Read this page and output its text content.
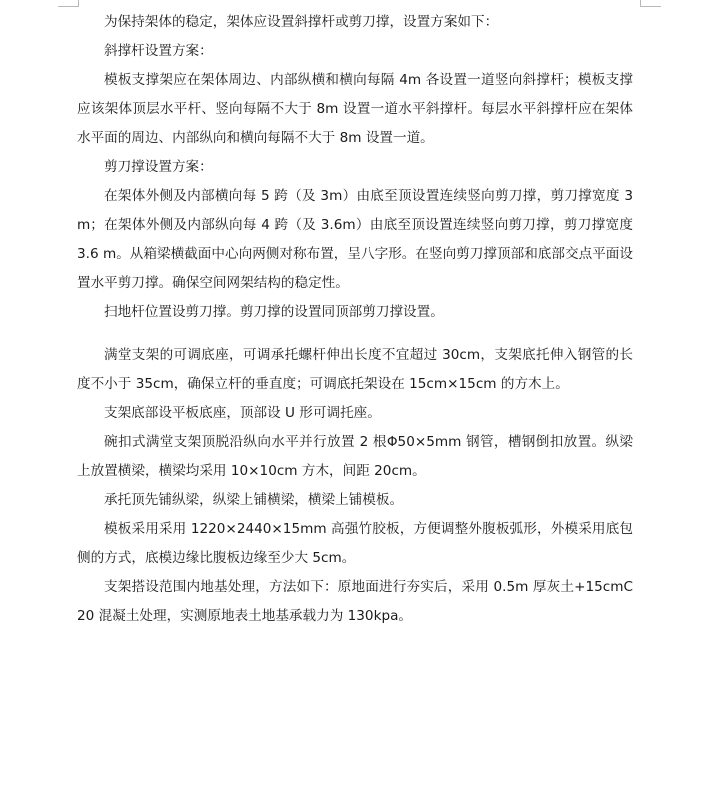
为保持架体的稳定，架体应设置斜撑杆或剪刀撑，设置方案如下：

斜撑杆设置方案：

模板支撑架应在架体周边、内部纵横和横向每隔 4m 各设置一道竖向斜撑杆；模板支撑应该架体顶层水平杆、竖向每隔不大于 8m 设置一道水平斜撑杆。每层水平斜撑杆应在架体水平面的周边、内部纵向和横向每隔不大于 8m 设置一道。

剪刀撑设置方案：

在架体外侧及内部横向每 5 跨（及 3m）由底至顶设置连续竖向剪刀撑，剪刀撑宽度 3 m；在架体外侧及内部纵向每 4 跨（及 3.6m）由底至顶设置连续竖向剪刀撑，剪刀撑宽度 3.6 m。从箱梁横截面中心向两侧对称布置，呈八字形。在竖向剪刀撑顶部和底部交点平面设置水平剪刀撑。确保空间网架结构的稳定性。

扫地杆位置设剪刀撑。剪刀撑的设置同顶部剪刀撑设置。

满堂支架的可调底座，可调承托螺杆伸出长度不宜超过 30cm，支架底托伸入钢管的长度不小于 35cm，确保立杆的垂直度；可调底托架设在 15cm×15cm 的方木上。

支架底部设平板底座，顶部设 U 形可调托座。

碗扣式满堂支架顶脱沿纵向水平并行放置 2 根Φ50×5mm 钢管，槽钢倒扣放置。纵梁上放置横梁，横梁均采用 10×10cm 方木，间距 20cm。

承托顶先铺纵梁，纵梁上铺横梁，横梁上铺模板。

模板采用采用 1220×2440×15mm 高强竹胶板，方便调整外腹板弧形，外模采用底包侧的方式，底模边缘比腹板边缘至少大 5cm。

支架搭设范围内地基处理，方法如下：原地面进行夯实后，采用 0.5m 厚灰土+15cmC20 混凝土处理，实测原地表土地基承载力为 130kpa。
